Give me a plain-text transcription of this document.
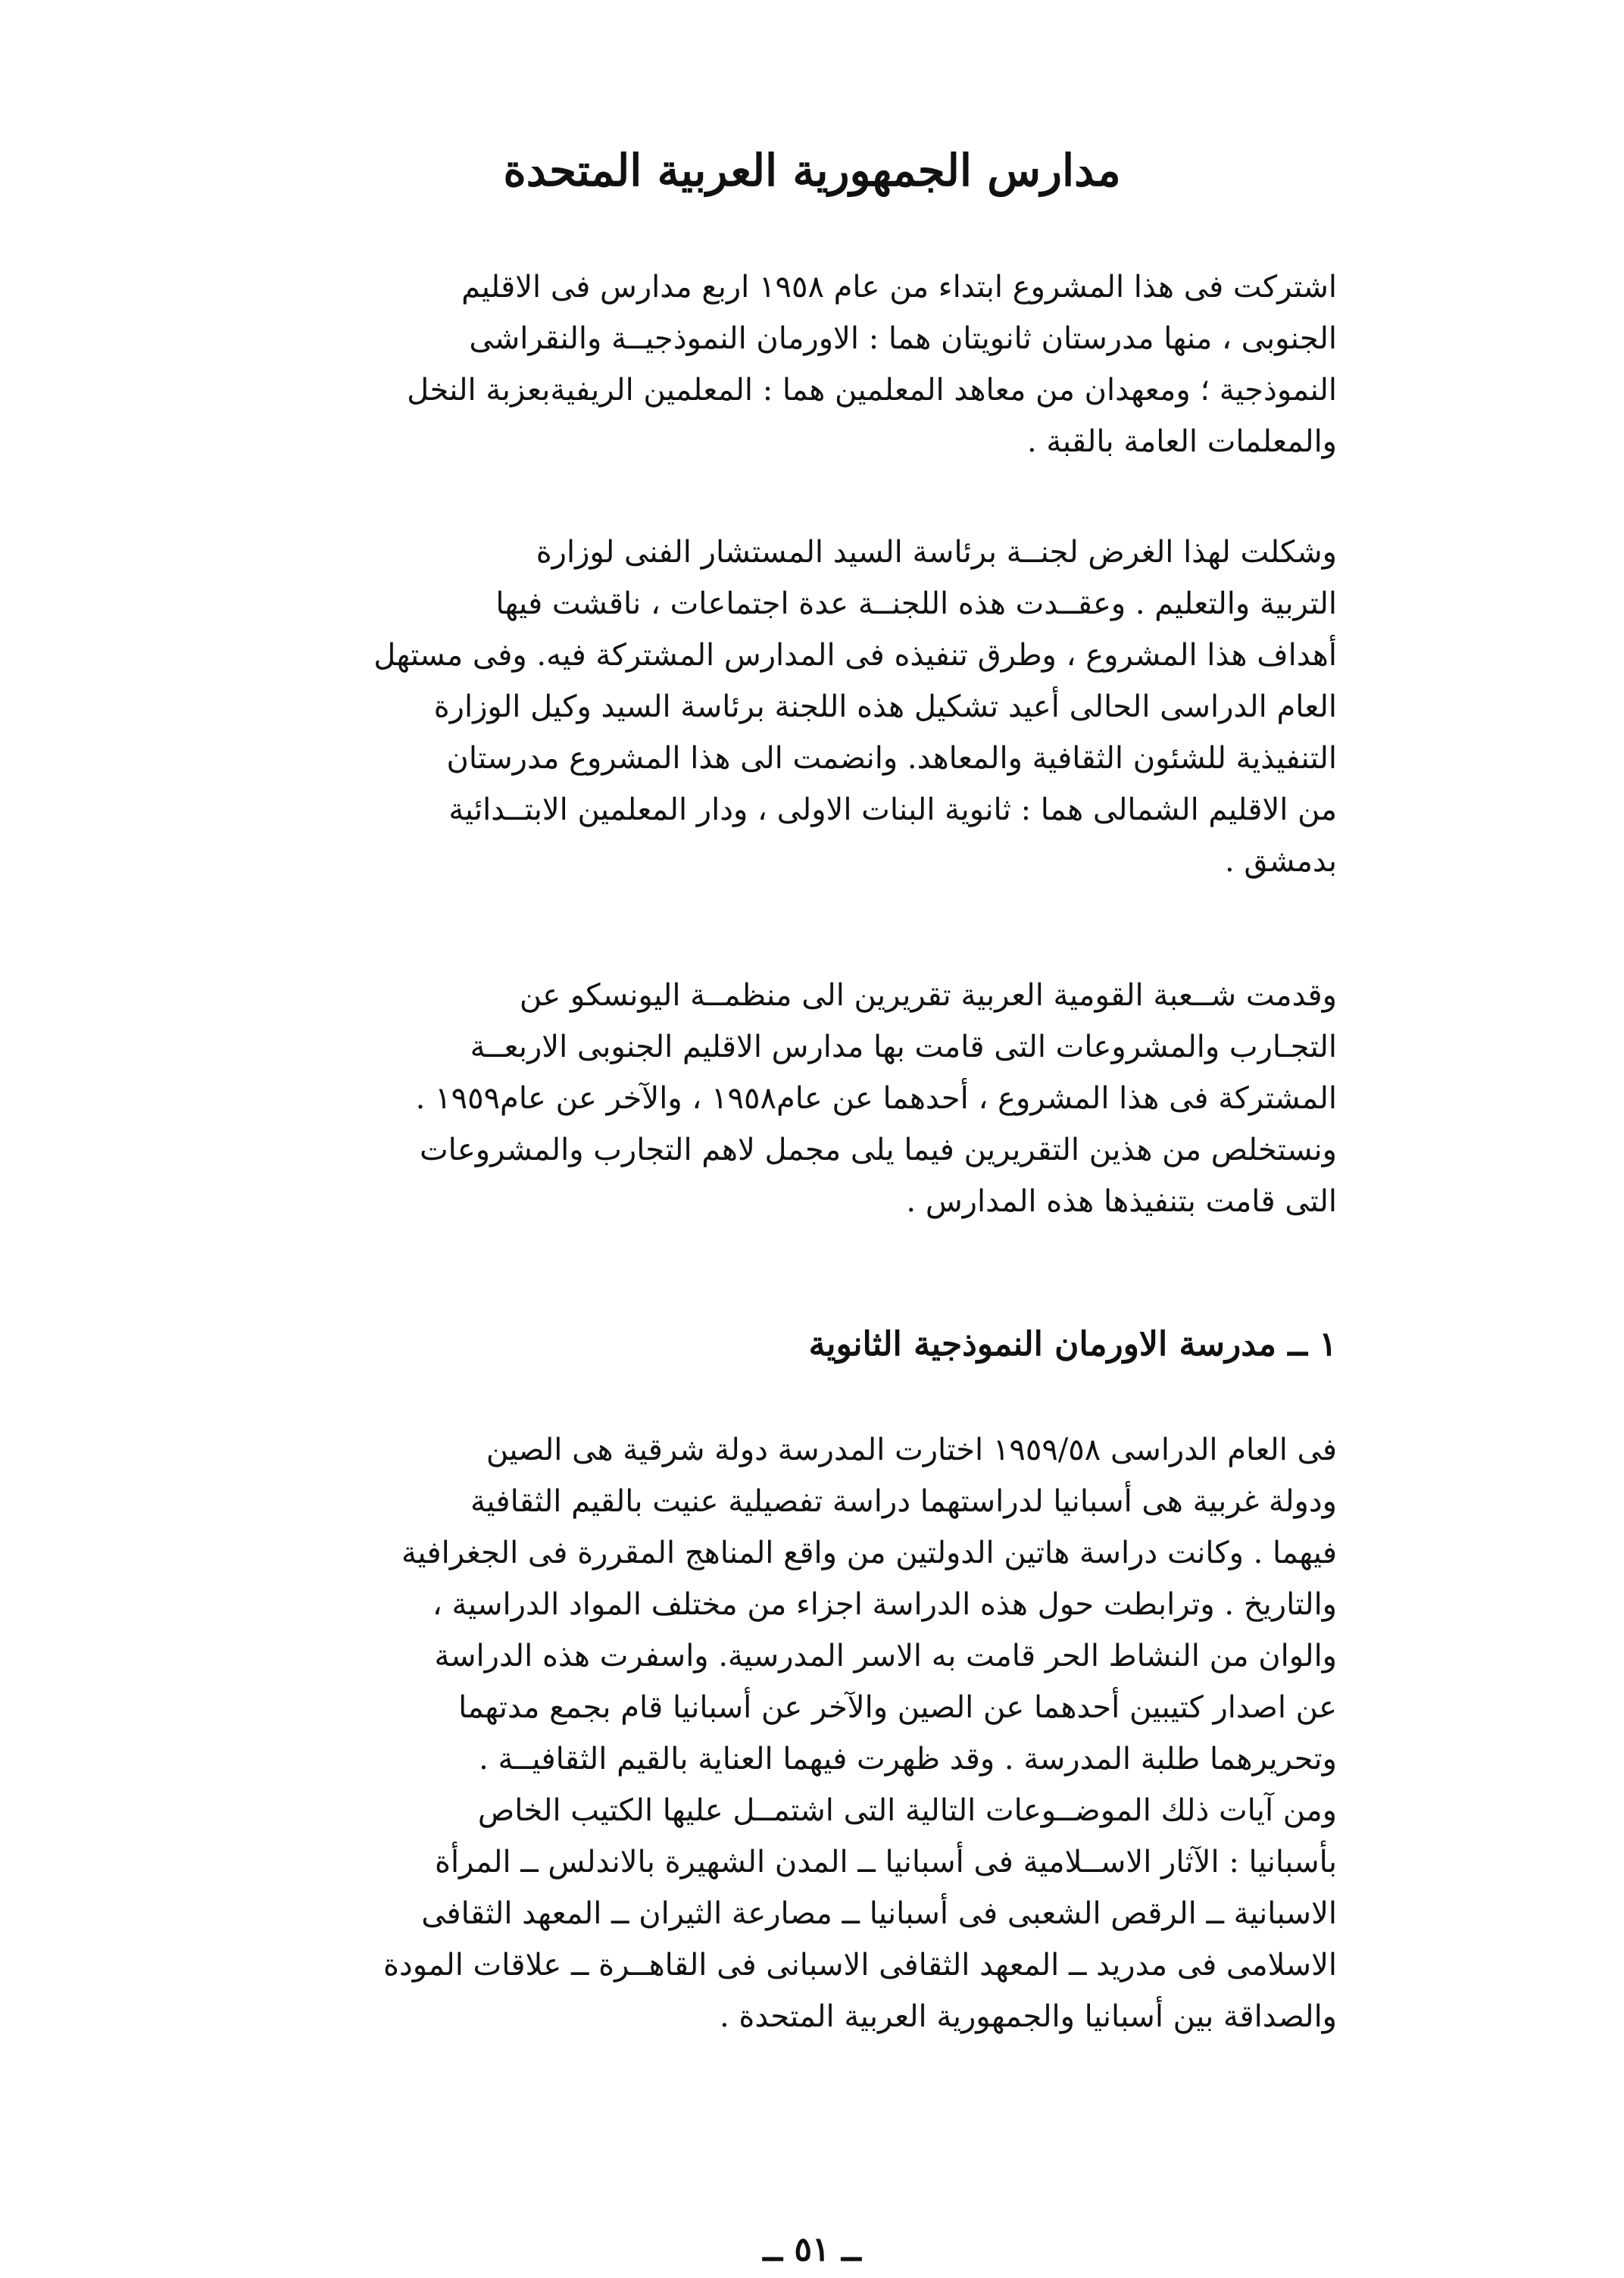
مدارس الجمهورية العربية المتحدة
اشتركت فى هذا المشروع ابتداء من عام ١٩٥٨ اربع مدارس فى الاقليم
الجنوبى ، منها مدرستان ثانويتان هما : الاورمان النموذجيــة والنقراشى
النموذجية ؛ ومعهدان من معاهد المعلمين هما : المعلمين الريفيةبعزبة النخل
والمعلمات العامة بالقبة .
وشكلت لهذا الغرض لجنــة برئاسة السيد المستشار الفنى لوزارة
التربية والتعليم . وعقــدت هذه اللجنــة عدة اجتماعات ، ناقشت فيها
أهداف هذا المشروع ، وطرق تنفيذه فى المدارس المشتركة فيه. وفى مستهل
العام الدراسى الحالى أعيد تشكيل هذه اللجنة برئاسة السيد وكيل الوزارة
التنفيذية للشئون الثقافية والمعاهد. وانضمت الى هذا المشروع مدرستان
من الاقليم الشمالى هما : ثانوية البنات الاولى ، ودار المعلمين الابتــدائية
بدمشق .
وقدمت شــعبة القومية العربية تقريرين الى منظمــة اليونسكو عن
التجـارب والمشروعات التى قامت بها مدارس الاقليم الجنوبى الاربعــة
المشتركة فى هذا المشروع ، أحدهما عن عام١٩٥٨ ، والآخر عن عام١٩٥٩ .
ونستخلص من هذين التقريرين فيما يلى مجمل لاهم التجارب والمشروعات
التى قامت بتنفيذها هذه المدارس .
١ ــ مدرسة الاورمان النموذجية الثانوية
فى العام الدراسى ١٩٥٩/٥٨ اختارت المدرسة دولة شرقية هى الصين
ودولة غربية هى أسبانيا لدراستهما دراسة تفصيلية عنيت بالقيم الثقافية
فيهما . وكانت دراسة هاتين الدولتين من واقع المناهج المقررة فى الجغرافية
والتاريخ . وترابطت حول هذه الدراسة اجزاء من مختلف المواد الدراسية ،
والوان من النشاط الحر قامت به الاسر المدرسية. واسفرت هذه الدراسة
عن اصدار كتيبين أحدهما عن الصين والآخر عن أسبانيا قام بجمع مدتهما
وتحريرهما طلبة المدرسة . وقد ظهرت فيهما العناية بالقيم الثقافيــة .
ومن آيات ذلك الموضــوعات التالية التى اشتمــل عليها الكتيب الخاص
بأسبانيا : الآثار الاســلامية فى أسبانيا ــ المدن الشهيرة بالاندلس ــ المرأة
الاسبانية ــ الرقص الشعبى فى أسبانيا ــ مصارعة الثيران ــ المعهد الثقافى
الاسلامى فى مدريد ــ المعهد الثقافى الاسبانى فى القاهــرة ــ علاقات المودة
والصداقة بين أسبانيا والجمهورية العربية المتحدة .
ــ ٥١ ــ
